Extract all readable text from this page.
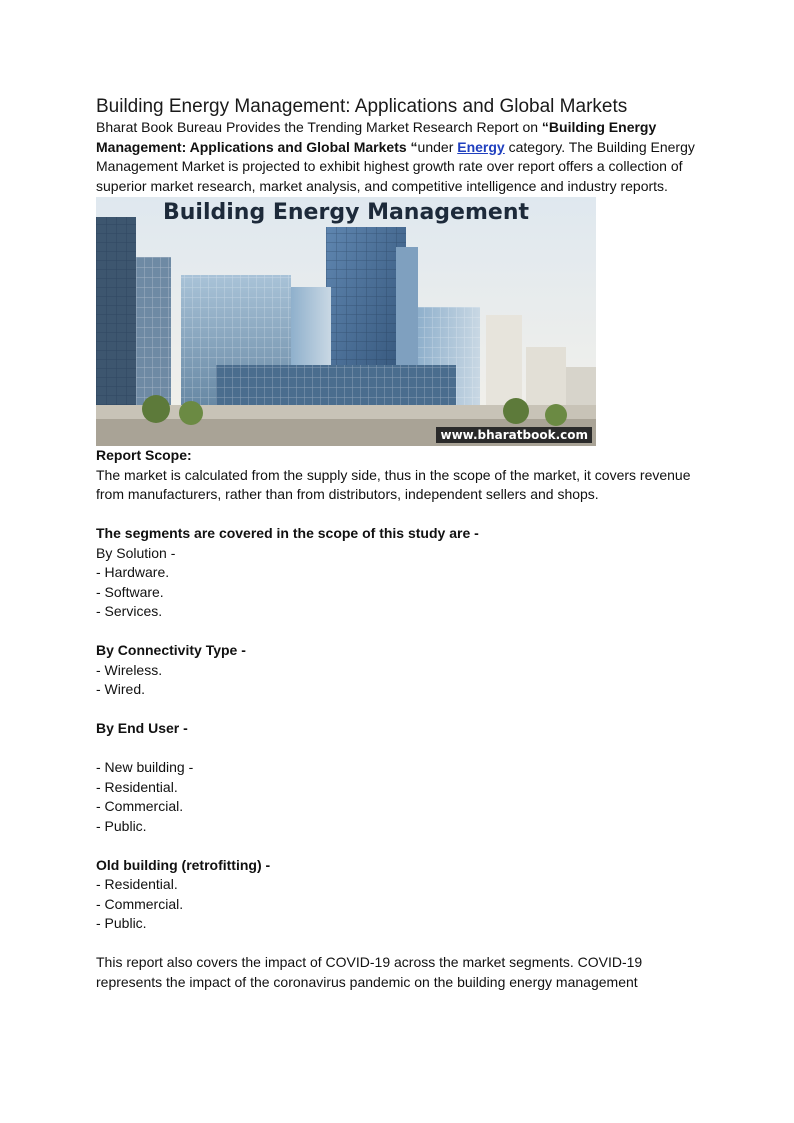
Building Energy Management: Applications and Global Markets

Bharat Book Bureau Provides the Trending Market Research Report on “Building Energy Management: Applications and Global Markets “under Energy category. The Building Energy Management Market is projected to exhibit highest growth rate over report offers a collection of superior market research, market analysis, and competitive intelligence and industry reports.

Building Energy Management
www.bharatbook.com

Report Scope:

The market is calculated from the supply side, thus in the scope of the market, it covers revenue from manufacturers, rather than from distributors, independent sellers and shops.

The segments are covered in the scope of this study are -

By Solution -

- Hardware.
- Software.
- Services.

By Connectivity Type -

- Wireless.
- Wired.

By End User -

- New building -

- Residential.
- Commercial.
- Public.

Old building (retrofitting) -

- Residential.
- Commercial.
- Public.

This report also covers the impact of COVID-19 across the market segments. COVID-19 represents the impact of the coronavirus pandemic on the building energy management
